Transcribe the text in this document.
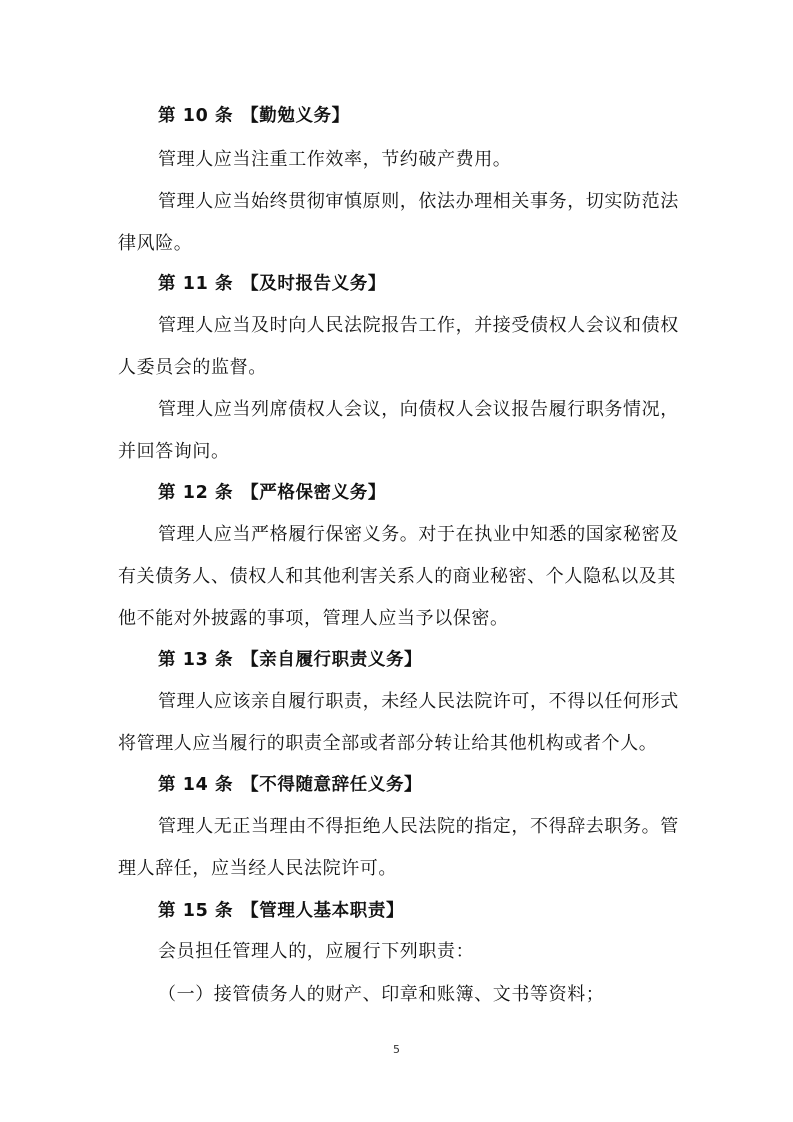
第 10 条 【勤勉义务】
管理人应当注重工作效率，节约破产费用。
管理人应当始终贯彻审慎原则，依法办理相关事务，切实防范法
律风险。
第 11 条 【及时报告义务】
管理人应当及时向人民法院报告工作，并接受债权人会议和债权
人委员会的监督。
管理人应当列席债权人会议，向债权人会议报告履行职务情况，
并回答询问。
第 12 条 【严格保密义务】
管理人应当严格履行保密义务。对于在执业中知悉的国家秘密及
有关债务人、债权人和其他利害关系人的商业秘密、个人隐私以及其
他不能对外披露的事项，管理人应当予以保密。
第 13 条 【亲自履行职责义务】
管理人应该亲自履行职责，未经人民法院许可，不得以任何形式
将管理人应当履行的职责全部或者部分转让给其他机构或者个人。
第 14 条 【不得随意辞任义务】
管理人无正当理由不得拒绝人民法院的指定，不得辞去职务。管
理人辞任，应当经人民法院许可。
第 15 条 【管理人基本职责】
会员担任管理人的，应履行下列职责：
（一）接管债务人的财产、印章和账簿、文书等资料；
5
